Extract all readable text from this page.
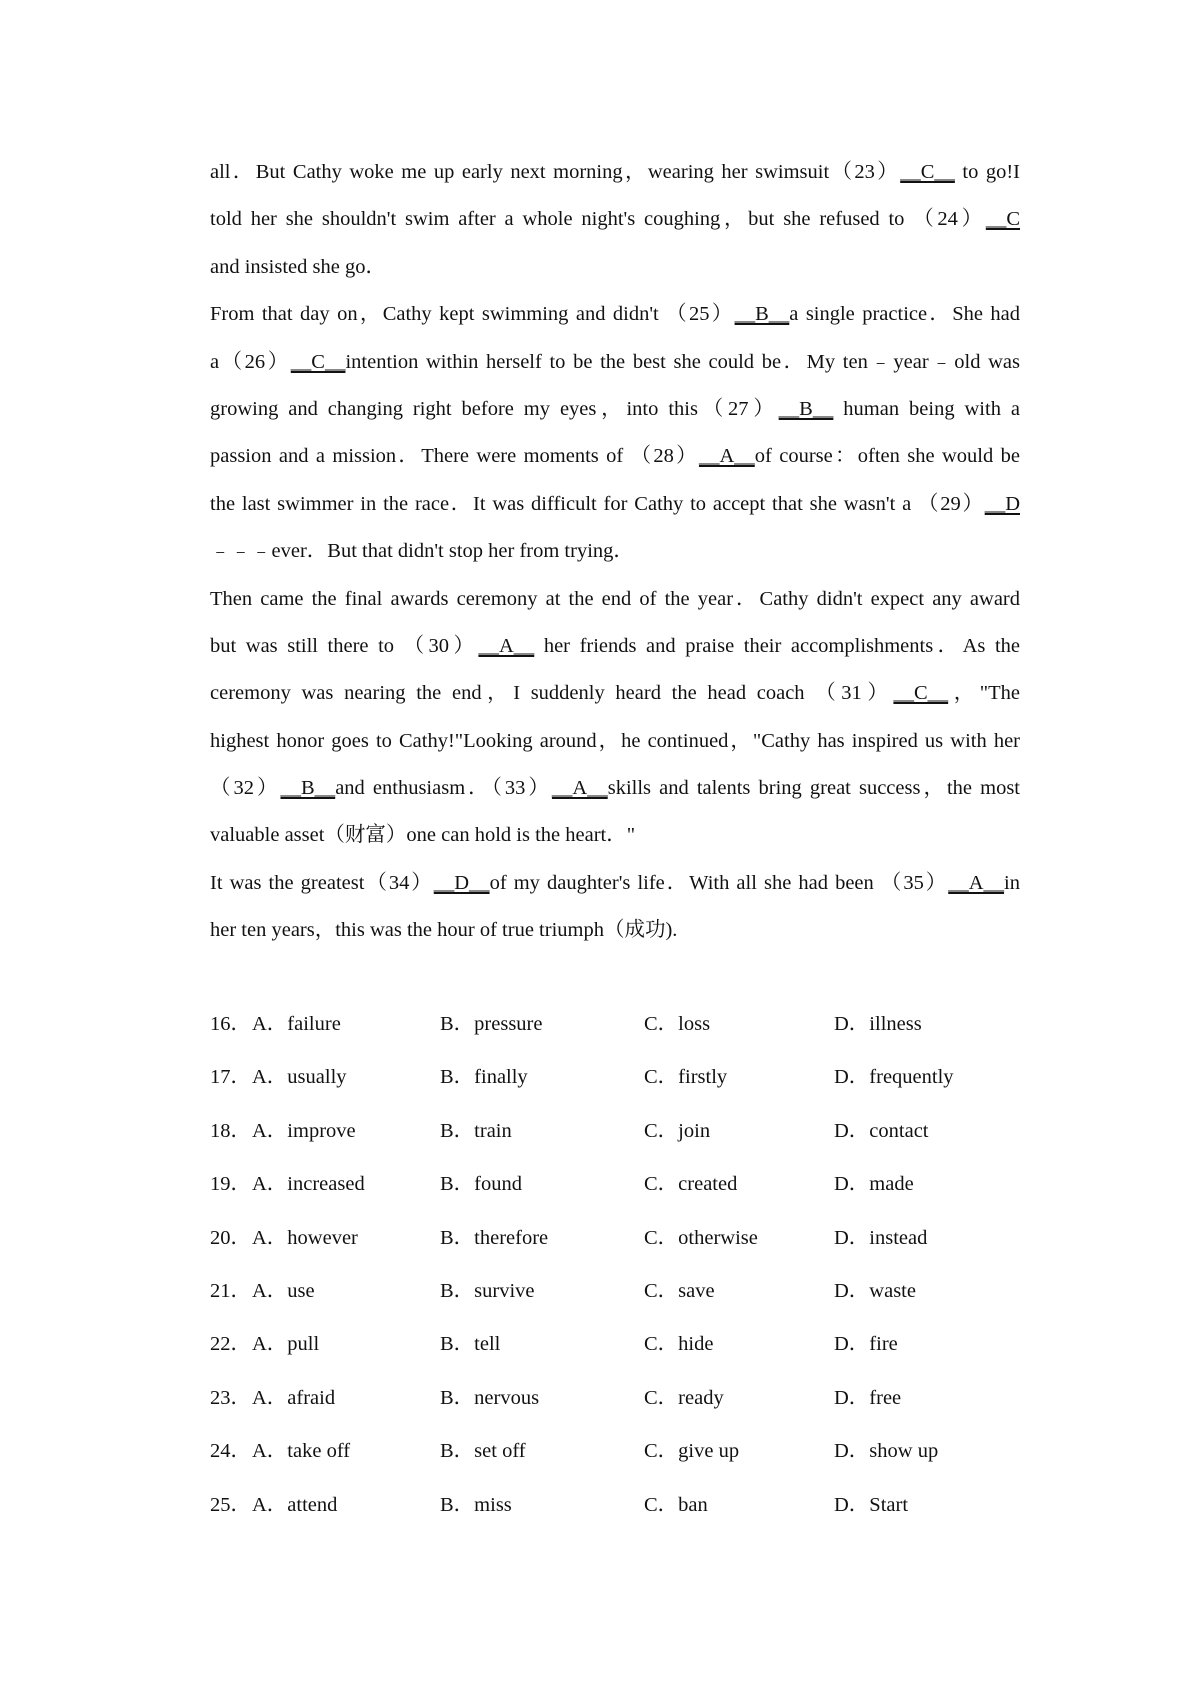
all．But Cathy woke me up early next morning，wearing her swimsuit（23）__C__ to go!I
told her she shouldn't swim after a whole night's coughing，but she refused to （24）__C
and insisted she go．
From that day on，Cathy kept swimming and didn't （25）__B__a single practice．She had
a（26）__C__intention within herself to be the best she could be．My ten﹣year﹣old was
growing and changing right before my eyes，into this（27）__B__ human being with a
passion and a mission．There were moments of （28）__A__of course：often she would be
the last swimmer in the race．It was difficult for Cathy to accept that she wasn't a （29）__D
﹣﹣﹣ever．But that didn't stop her from trying．
Then came the final awards ceremony at the end of the year．Cathy didn't expect any award
but was still there to （30）__A__ her friends and praise their accomplishments．As the
ceremony was nearing the end，I suddenly heard the head coach （31）__C__，"The
highest honor goes to Cathy!"Looking around，he continued，"Cathy has inspired us with her
（32）__B__and enthusiasm．（33）__A__skills and talents bring great success，the most
valuable asset（财富）one can hold is the heart．"
It was the greatest（34）__D__of my daughter's life．With all she had been （35）__A__in
her ten years，this was the hour of true triumph（成功).
16． A．failure	B．pressure	C．loss	D．illness
17． A．usually	B．finally	C．firstly	D．frequently
18． A．improve	B．train	C．join	D．contact
19． A．increased	B．found	C．created	D．made
20． A．however	B．therefore	C．otherwise	D．instead
21． A．use	B．survive	C．save	D．waste
22． A．pull	B．tell	C．hide	D．fire
23． A．afraid	B．nervous	C．ready	D．free
24． A．take off	B．set off	C．give up	D．show up
25． A．attend	B．miss	C．ban	D．Start
